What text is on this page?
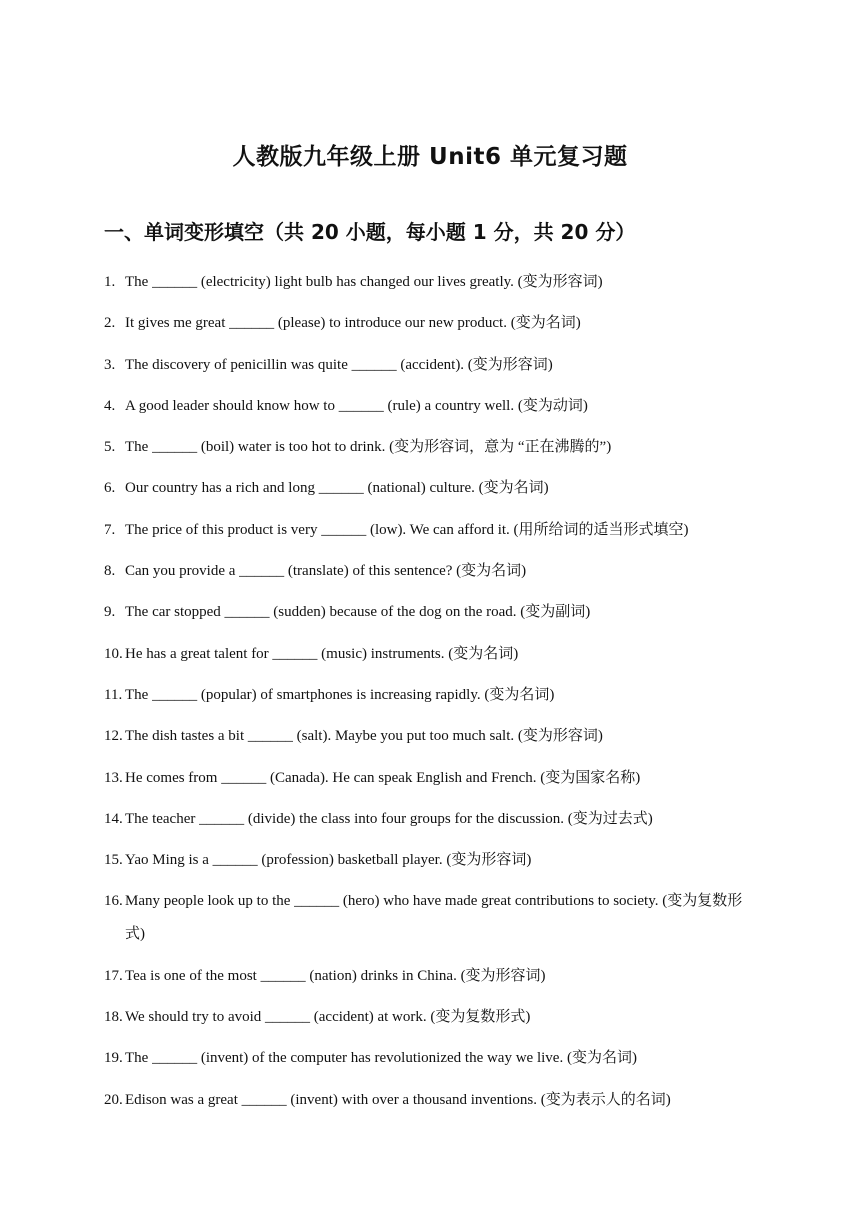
人教版九年级上册 Unit6 单元复习题
一、单词变形填空（共 20 小题，每小题 1 分，共 20 分）
1. The ______ (electricity) light bulb has changed our lives greatly. (变为形容词)
2. It gives me great ______ (please) to introduce our new product. (变为名词)
3. The discovery of penicillin was quite ______ (accident). (变为形容词)
4. A good leader should know how to ______ (rule) a country well. (变为动词)
5. The ______ (boil) water is too hot to drink. (变为形容词，意为 “正在沸腾的”)
6. Our country has a rich and long ______ (national) culture. (变为名词)
7. The price of this product is very ______ (low). We can afford it. (用所给词的适当形式填空)
8. Can you provide a ______ (translate) of this sentence? (变为名词)
9. The car stopped ______ (sudden) because of the dog on the road. (变为副词)
10. He has a great talent for ______ (music) instruments. (变为名词)
11. The ______ (popular) of smartphones is increasing rapidly. (变为名词)
12. The dish tastes a bit ______ (salt). Maybe you put too much salt. (变为形容词)
13. He comes from ______ (Canada). He can speak English and French. (变为国家名称)
14. The teacher ______ (divide) the class into four groups for the discussion. (变为过去式)
15. Yao Ming is a ______ (profession) basketball player. (变为形容词)
16. Many people look up to the ______ (hero) who have made great contributions to society. (变为复数形式)
17. Tea is one of the most ______ (nation) drinks in China. (变为形容词)
18. We should try to avoid ______ (accident) at work. (变为复数形式)
19. The ______ (invent) of the computer has revolutionized the way we live. (变为名词)
20. Edison was a great ______ (invent) with over a thousand inventions. (变为表示人的名词)
